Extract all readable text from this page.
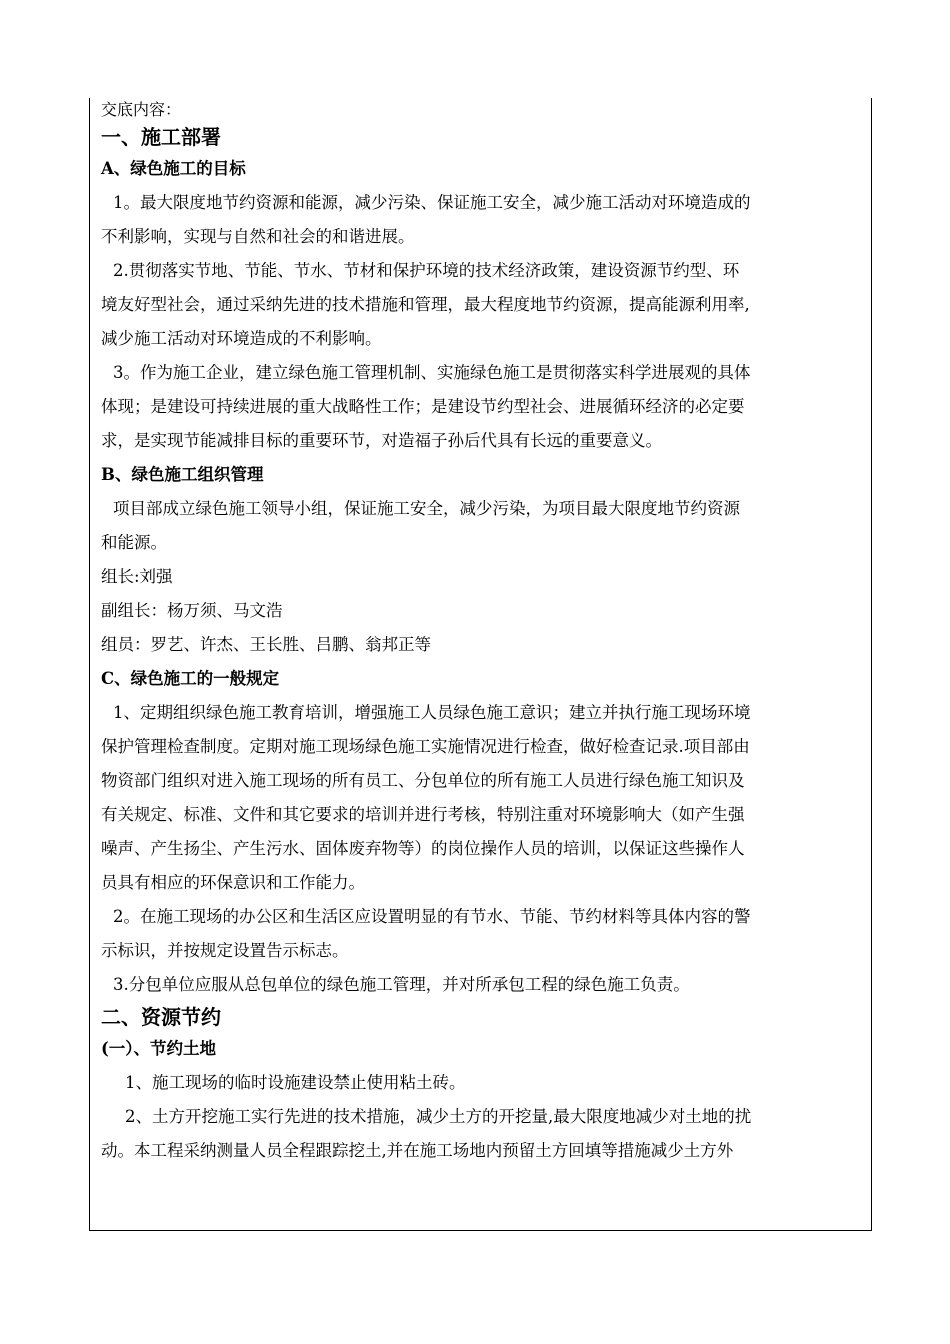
交底内容：
一、施工部署
A、绿色施工的目标
1。最大限度地节约资源和能源，减少污染、保证施工安全，减少施工活动对环境造成的
不利影响，实现与自然和社会的和谐进展。
2.贯彻落实节地、节能、节水、节材和保护环境的技术经济政策，建设资源节约型、环
境友好型社会，通过采纳先进的技术措施和管理，最大程度地节约资源，提高能源利用率,
减少施工活动对环境造成的不利影响。
3。作为施工企业，建立绿色施工管理机制、实施绿色施工是贯彻落实科学进展观的具体
体现；是建设可持续进展的重大战略性工作；是建设节约型社会、进展循环经济的必定要
求，是实现节能减排目标的重要环节，对造福子孙后代具有长远的重要意义。
B、绿色施工组织管理
项目部成立绿色施工领导小组，保证施工安全，减少污染，为项目最大限度地节约资源
和能源。
组长:刘强
副组长：杨万须、马文浩
组员：罗艺、许杰、王长胜、吕鹏、翁邦正等
C、绿色施工的一般规定
1、定期组织绿色施工教育培训，增强施工人员绿色施工意识；建立并执行施工现场环境
保护管理检查制度。定期对施工现场绿色施工实施情况进行检查，做好检查记录.项目部由
物资部门组织对进入施工现场的所有员工、分包单位的所有施工人员进行绿色施工知识及
有关规定、标准、文件和其它要求的培训并进行考核，特别注重对环境影响大（如产生强
噪声、产生扬尘、产生污水、固体废弃物等）的岗位操作人员的培训，以保证这些操作人
员具有相应的环保意识和工作能力。
2。在施工现场的办公区和生活区应设置明显的有节水、节能、节约材料等具体内容的警
示标识，并按规定设置告示标志。
3.分包单位应服从总包单位的绿色施工管理，并对所承包工程的绿色施工负责。
二、资源节约
(一）、节约土地
1、施工现场的临时设施建设禁止使用粘土砖。
2、土方开挖施工实行先进的技术措施，减少土方的开挖量,最大限度地减少对土地的扰
动。本工程采纳测量人员全程跟踪挖土,并在施工场地内预留土方回填等措施减少土方外
